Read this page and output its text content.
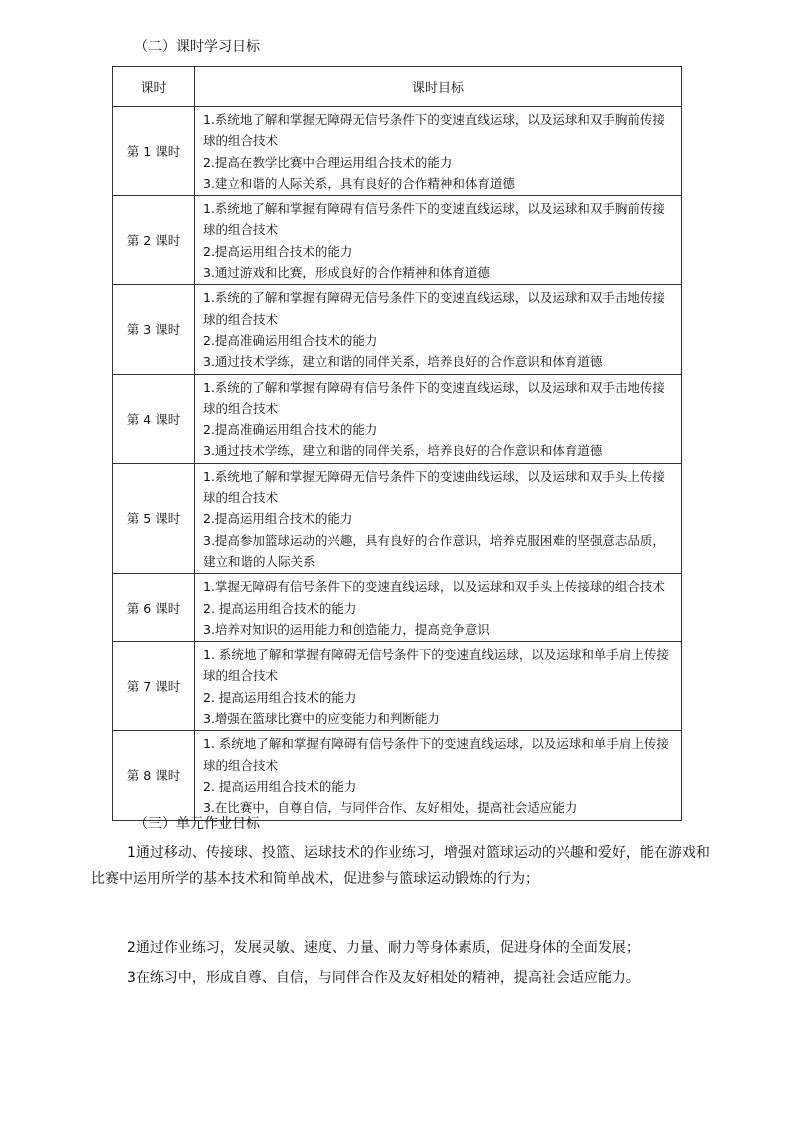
（二）课时学习日标
课时	课时目标
第 1 课时	1.系统地了解和掌握无障碍无信号条件下的变速直线运球，以及运球和双手胸前传接球的组合技术
2.提高在教学比赛中合理运用组合技术的能力
3.建立和谐的人际关系，具有良好的合作精神和体育道德

第 2 课时	1.系统地了解和掌握有障碍有信号条件下的变速直线运球，以及运球和双手胸前传接球的组合技术
2.提高运用组合技术的能力
3.通过游戏和比赛，形成良好的合作精神和体育道德

第 3 课时	1.系统的了解和掌握有障碍无信号条件下的变速直线运球，以及运球和双手击地传接球的组合技术
2.提高准确运用组合技术的能力
3.通过技术学练，建立和谐的同伴关系，培养良好的合作意识和体育道德

第 4 课时	1.系统的了解和掌握有障碍有信号条件下的变速直线运球，以及运球和双手击地传接球的组合技术
2.提高准确运用组合技术的能力
3.通过技术学练，建立和谐的同伴关系，培养良好的合作意识和体育道德

第 5 课时	1.系统地了解和掌握无障碍无信号条件下的变速曲线运球，以及运球和双手头上传接球的组合技术
2.提高运用组合技术的能力
3.提高参加篮球运动的兴趣，具有良好的合作意识，培养克服困难的坚强意志品质，建立和谐的人际关系

第 6 课时	1.掌握无障碍有信号条件下的变速直线运球，以及运球和双手头上传接球的组合技术
2. 提高运用组合技术的能力
3.培养对知识的运用能力和创造能力，提高竞争意识

第 7 课时	1. 系统地了解和掌握有障碍无信号条件下的变速直线运球，以及运球和单手肩上传接球的组合技术
2. 提高运用组合技术的能力
3.增强在篮球比赛中的应变能力和判断能力

第 8 课时	1. 系统地了解和掌握有障碍有信号条件下的变速直线运球，以及运球和单手肩上传接球的组合技术
2. 提高运用组合技术的能力
3.在比赛中，自尊自信，与同伴合作、友好相处，提高社会适应能力
（三）单元作业日标
1通过移动、传接球、投篮、运球技术的作业练习，增强对篮球运动的兴趣和爱好，能在游戏和比赛中运用所学的基本技术和简单战术，促进参与篮球运动锻炼的行为；
2通过作业练习，发展灵敏、速度、力量、耐力等身体素质，促进身体的全面发展；
3在练习中，形成自尊、自信，与同伴合作及友好相处的精神，提高社会适应能力。
